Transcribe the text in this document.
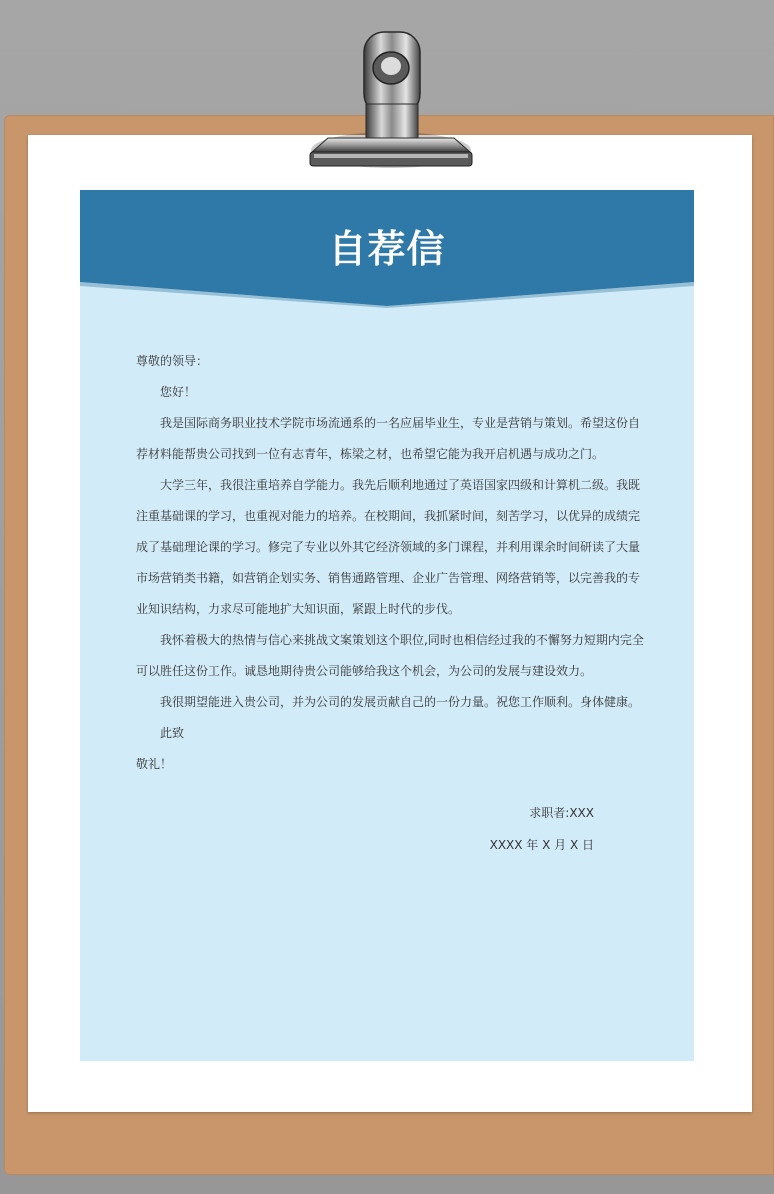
自荐信

尊敬的领导：

您好！

我是国际商务职业技术学院市场流通系的一名应届毕业生，专业是营销与策划。希望这份自荐材料能帮贵公司找到一位有志青年，栋梁之材，也希望它能为我开启机遇与成功之门。

大学三年，我很注重培养自学能力。我先后顺利地通过了英语国家四级和计算机二级。我既注重基础课的学习，也重视对能力的培养。在校期间，我抓紧时间，刻苦学习，以优异的成绩完成了基础理论课的学习。修完了专业以外其它经济领域的多门课程，并利用课余时间研读了大量市场营销类书籍，如营销企划实务、销售通路管理、企业广告管理、网络营销等，以完善我的专业知识结构，力求尽可能地扩大知识面，紧跟上时代的步伐。

我怀着极大的热情与信心来挑战文案策划这个职位,同时也相信经过我的不懈努力短期内完全可以胜任这份工作。诚恳地期待贵公司能够给我这个机会，为公司的发展与建设效力。

我很期望能进入贵公司，并为公司的发展贡献自己的一份力量。祝您工作顺利。身体健康。

此致

敬礼！

求职者:XXX
XXXX 年 X 月 X 日
